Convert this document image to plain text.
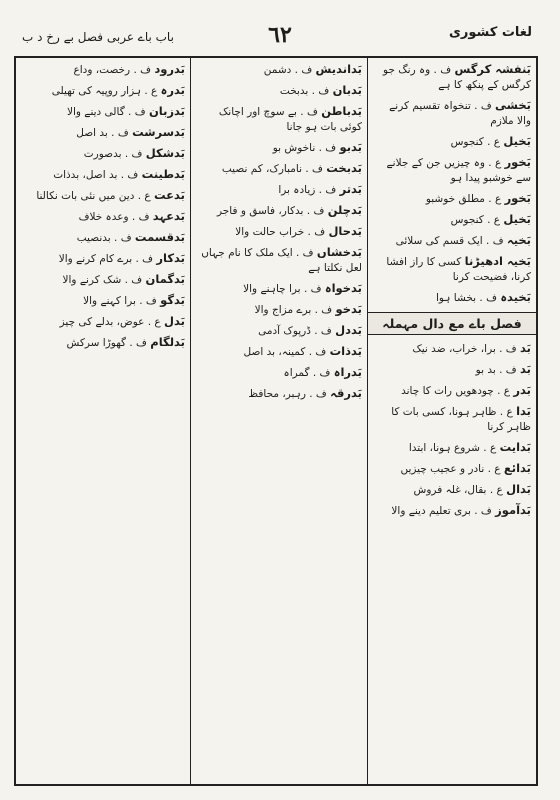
باب باے عربی فصل بے رخ د ب	٦٢	لغات کشوری

بَنفشہ کرگس ف . وہ رنگ جو کرگس کے پنکھ کا ہے

بَخشی ف . تنخواہ تقسیم کرنے والا ملازم

بَخیل ع . کنجوس

بَخور ع . وہ چیزیں جن کے جلانے سے خوشبو پیدا ہو

بَخور ع . مطلق خوشبو

بَخیل ع . کنجوس

بَخیہ ف . ایک قسم کی سلائی

بَخیہ ادھیڑنا کسی کا راز افشا کرنا، فضیحت کرنا

بَخیدہ ف . بخشا ہوا

فصل باے مع دال مہملہ

بَد ف . برا، خراب، ضد نیک

بَد ف . بد بو

بَدر ع . چودھویں رات کا چاند

بَدا ع . ظاہر ہونا، کسی بات کا ظاہر کرنا

بَدایت ع . شروع ہونا، ابتدا

بَدائع ع . نادر و عجیب چیزیں

بَدال ع . بقال، غلہ فروش

بَدآموز ف . بری تعلیم دینے والا

بَداندیش ف . دشمن

بَدبان ف . بدبخت

بَدباطن ف . بے سوچ اور اچانک کوئی بات ہو جانا

بَدبو ف . ناخوش بو

بَدبخت ف . نامبارک، کم نصیب

بَدتر ف . زیادہ برا

بَدچلن ف . بدکار، فاسق و فاجر

بَدحال ف . خراب حالت والا

بَدخشاں ف . ایک ملک کا نام جہاں لعل نکلتا ہے

بَدخواہ ف . برا چاہنے والا

بَدخو ف . برے مزاج والا

بَددل ف . ڈرپوک آدمی

بَدذات ف . کمینہ، بد اصل

بَدراہ ف . گمراہ

بَدرقہ ف . رہبر، محافظ

بَدرود ف . رخصت، وداع

بَدرہ ع . ہزار روپیہ کی تھیلی

بَدزبان ف . گالی دینے والا

بَدسرشت ف . بد اصل

بَدشکل ف . بدصورت

بَدطینت ف . بد اصل، بدذات

بَدعت ع . دین میں نئی بات نکالنا

بَدعہد ف . وعدہ خلاف

بَدقسمت ف . بدنصیب

بَدکار ف . برے کام کرنے والا

بَدگمان ف . شک کرنے والا

بَدگو ف . برا کہنے والا

بَدل ع . عوض، بدلے کی چیز

بَدلگام ف . گھوڑا سرکش
